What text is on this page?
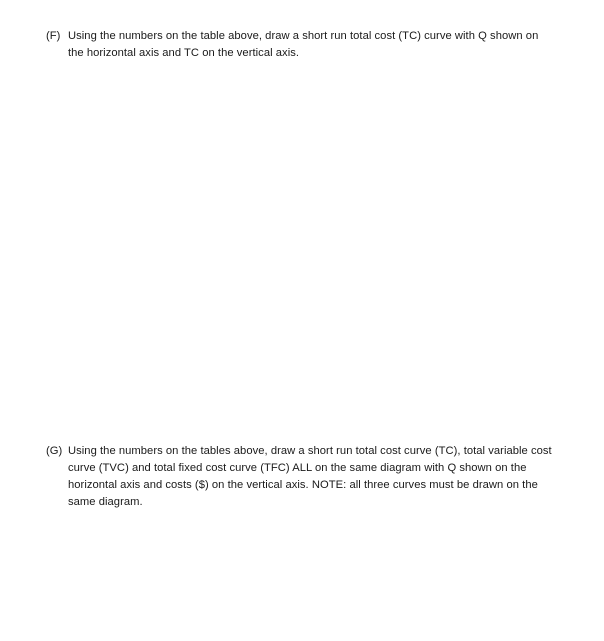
(F) Using the numbers on the table above, draw a short run total cost (TC) curve with Q shown on
the horizontal axis and TC on the vertical axis.
(G) Using the numbers on the tables above, draw a short run total cost curve (TC), total variable cost
curve (TVC) and total fixed cost curve (TFC) ALL on the same diagram with Q shown on the
horizontal axis and costs ($) on the vertical axis. NOTE: all three curves must be drawn on the
same diagram.
